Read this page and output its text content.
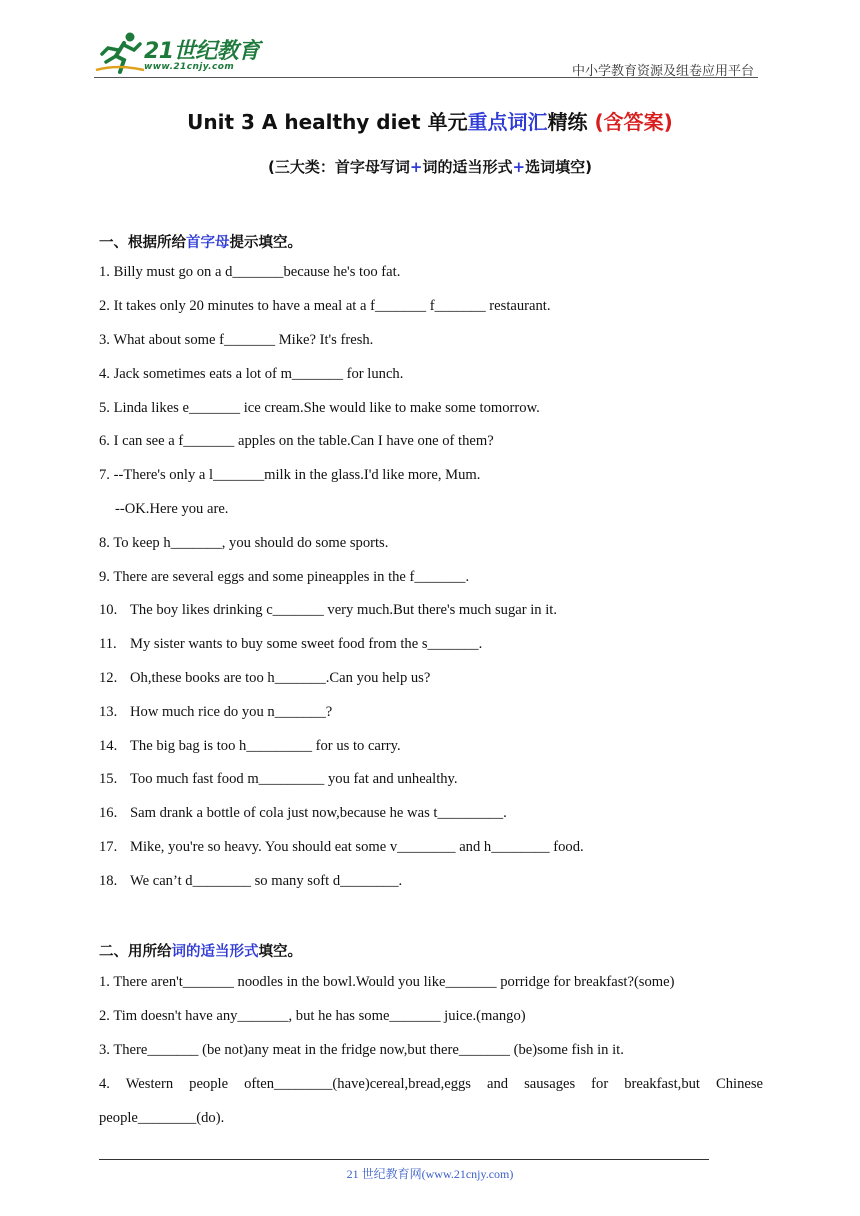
21世纪教育
www.21cnjy.com	中小学教育资源及组卷应用平台
Unit 3 A healthy diet 单元重点词汇精练 (含答案)
(三大类：首字母写词+词的适当形式+选词填空)
一、根据所给首字母提示填空。
1. Billy must go on a d_______because he's too fat.
2. It takes only 20 minutes to have a meal at a f_______ f_______ restaurant.
3. What about some f_______ Mike? It's fresh.
4. Jack sometimes eats a lot of m_______ for lunch.
5. Linda likes e_______ ice cream.She would like to make some tomorrow.
6. I can see a f_______ apples on the table.Can I have one of them?
7. --There's only a l_______milk in the glass.I'd like more, Mum.
--OK.Here you are.
8. To keep h_______, you should do some sports.
9. There are several eggs and some pineapples in the f_______.
10. The boy likes drinking c_______ very much.But there's much sugar in it.
11. My sister wants to buy some sweet food from the s_______.
12. Oh,these books are too h_______.Can you help us?
13. How much rice do you n_______?
14. The big bag is too h_________ for us to carry.
15. Too much fast food m_________ you fat and unhealthy.
16. Sam drank a bottle of cola just now,because he was t_________.
17. Mike, you're so heavy. You should eat some v________ and h________ food.
18. We can’t d________ so many soft d________.
二、用所给词的适当形式填空。
1. There aren't_______ noodles in the bowl.Would you like_______ porridge for breakfast?(some)
2. Tim doesn't have any_______, but he has some_______ juice.(mango)
3. There_______ (be not)any meat in the fridge now,but there_______ (be)some fish in it.
4. Western people often________(have)cereal,bread,eggs and sausages for breakfast,but Chinese
people________(do).
21 世纪教育网(www.21cnjy.com)
